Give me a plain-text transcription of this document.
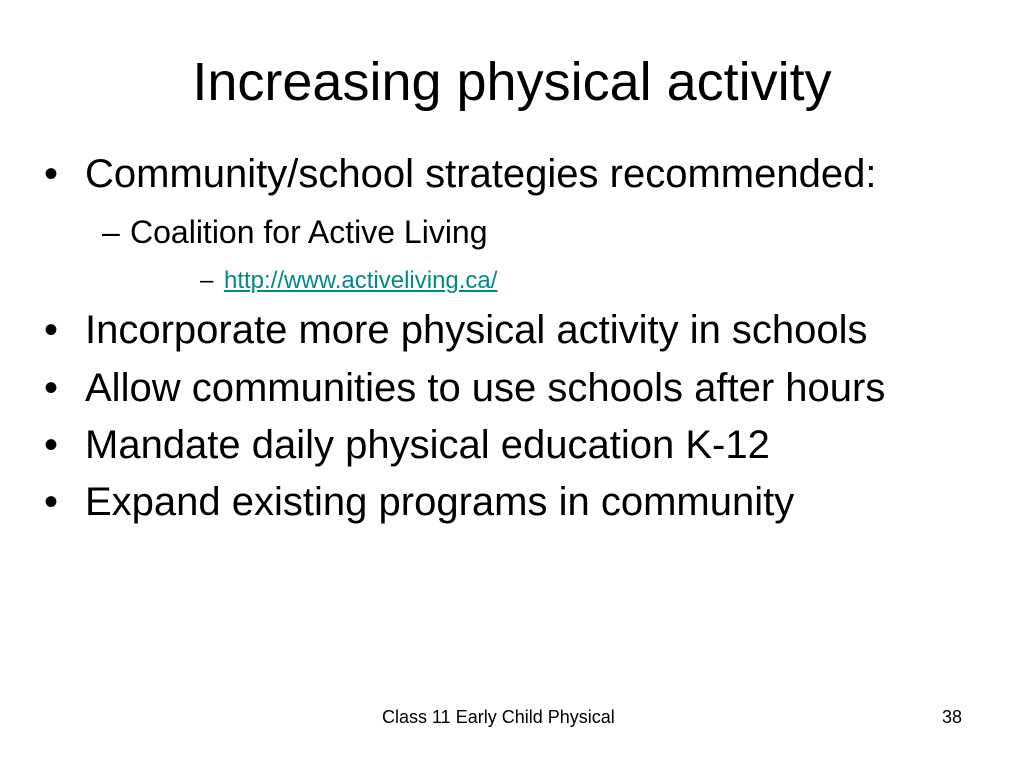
Increasing physical activity
• Community/school strategies recommended:
– Coalition for Active Living
– http://www.activeliving.ca/
• Incorporate more physical activity in schools
• Allow communities to use schools after hours
• Mandate daily physical education K-12
• Expand existing programs in community
Class 11 Early Child Physical	38
